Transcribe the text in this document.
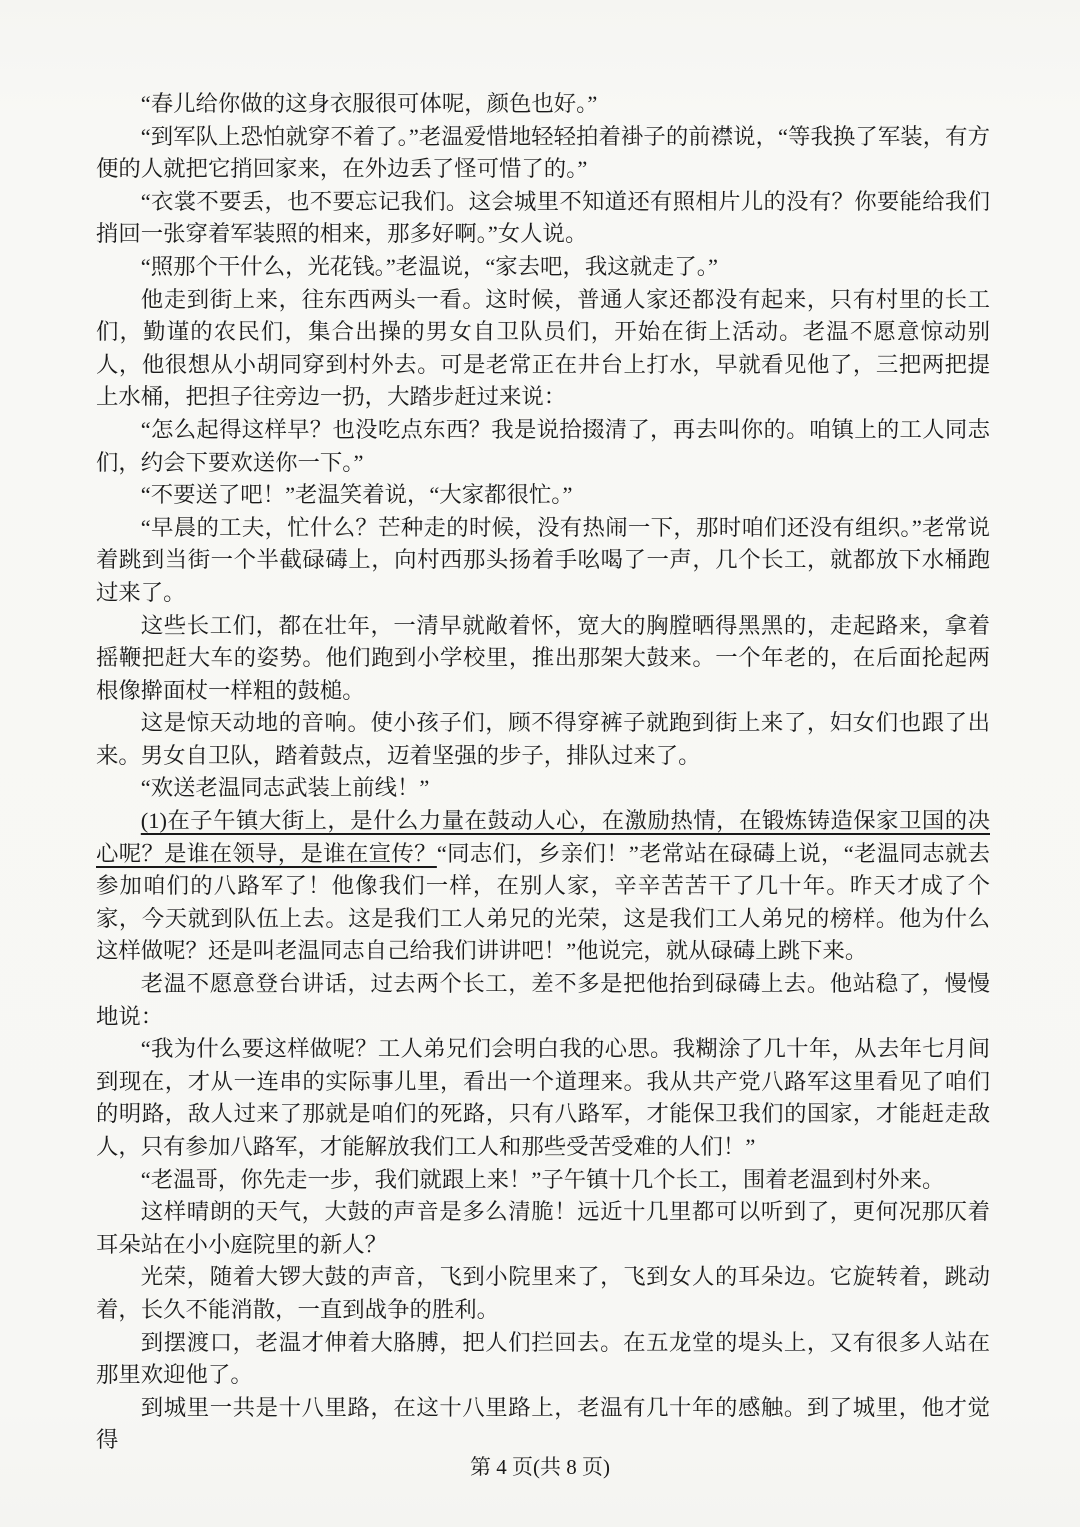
“春儿给你做的这身衣服很可体呢，颜色也好。”

“到军队上恐怕就穿不着了。”老温爱惜地轻轻拍着褂子的前襟说，“等我换了军装，有方便的人就把它捎回家来，在外边丢了怪可惜了的。”

“衣裳不要丢，也不要忘记我们。这会城里不知道还有照相片儿的没有？你要能给我们捎回一张穿着军装照的相来，那多好啊。”女人说。

“照那个干什么，光花钱。”老温说，“家去吧，我这就走了。”

他走到街上来，往东西两头一看。这时候，普通人家还都没有起来，只有村里的长工们，勤谨的农民们，集合出操的男女自卫队员们，开始在街上活动。老温不愿意惊动别人，他很想从小胡同穿到村外去。可是老常正在井台上打水，早就看见他了，三把两把提上水桶，把担子往旁边一扔，大踏步赶过来说：

“怎么起得这样早？也没吃点东西？我是说拾掇清了，再去叫你的。咱镇上的工人同志们，约会下要欢送你一下。”

“不要送了吧！”老温笑着说，“大家都很忙。”

“早晨的工夫，忙什么？芒种走的时候，没有热闹一下，那时咱们还没有组织。”老常说着跳到当街一个半截碌碡上，向村西那头扬着手吆喝了一声，几个长工，就都放下水桶跑过来了。

这些长工们，都在壮年，一清早就敞着怀，宽大的胸膛晒得黑黑的，走起路来，拿着摇鞭把赶大车的姿势。他们跑到小学校里，推出那架大鼓来。一个年老的，在后面抡起两根像擀面杖一样粗的鼓槌。

这是惊天动地的音响。使小孩子们，顾不得穿裤子就跑到街上来了，妇女们也跟了出来。男女自卫队，踏着鼓点，迈着坚强的步子，排队过来了。

“欢送老温同志武装上前线！”

(1)在子午镇大街上，是什么力量在鼓动人心，在激励热情，在锻炼铸造保家卫国的决心呢？是谁在领导，是谁在宣传？“同志们，乡亲们！”老常站在碌碡上说，“老温同志就去参加咱们的八路军了！他像我们一样，在别人家，辛辛苦苦干了几十年。昨天才成了个家，今天就到队伍上去。这是我们工人弟兄的光荣，这是我们工人弟兄的榜样。他为什么这样做呢？还是叫老温同志自己给我们讲讲吧！”他说完，就从碌碡上跳下来。

老温不愿意登台讲话，过去两个长工，差不多是把他抬到碌碡上去。他站稳了，慢慢地说：

“我为什么要这样做呢？工人弟兄们会明白我的心思。我糊涂了几十年，从去年七月间到现在，才从一连串的实际事儿里，看出一个道理来。我从共产党八路军这里看见了咱们的明路，敌人过来了那就是咱们的死路，只有八路军，才能保卫我们的国家，才能赶走敌人，只有参加八路军，才能解放我们工人和那些受苦受难的人们！”

“老温哥，你先走一步，我们就跟上来！”子午镇十几个长工，围着老温到村外来。

这样晴朗的天气，大鼓的声音是多么清脆！远近十几里都可以听到了，更何况那仄着耳朵站在小小庭院里的新人？

光荣，随着大锣大鼓的声音，飞到小院里来了，飞到女人的耳朵边。它旋转着，跳动着，长久不能消散，一直到战争的胜利。

到摆渡口，老温才伸着大胳膊，把人们拦回去。在五龙堂的堤头上，又有很多人站在那里欢迎他了。

到城里一共是十八里路，在这十八里路上，老温有几十年的感触。到了城里，他才觉得

第 4 页(共 8 页)
